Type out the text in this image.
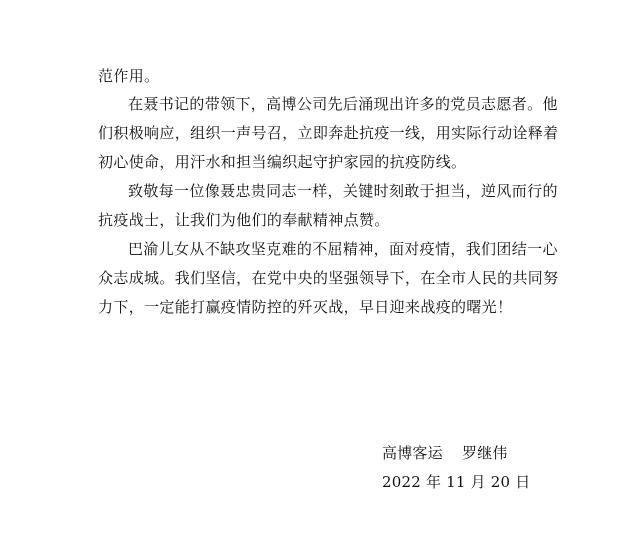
范作用。
在聂书记的带领下，高博公司先后涌现出许多的党员志愿者。他
们积极响应，组织一声号召，立即奔赴抗疫一线，用实际行动诠释着
初心使命，用汗水和担当编织起守护家园的抗疫防线。
致敬每一位像聂忠贵同志一样，关键时刻敢于担当，逆风而行的
抗疫战士，让我们为他们的奉献精神点赞。
巴渝儿女从不缺攻坚克难的不屈精神，面对疫情，我们团结一心
众志成城。我们坚信，在党中央的坚强领导下，在全市人民的共同努
力下，一定能打赢疫情防控的歼灭战，早日迎来战疫的曙光！
高博客运 罗继伟
2022 年 11 月 20 日
